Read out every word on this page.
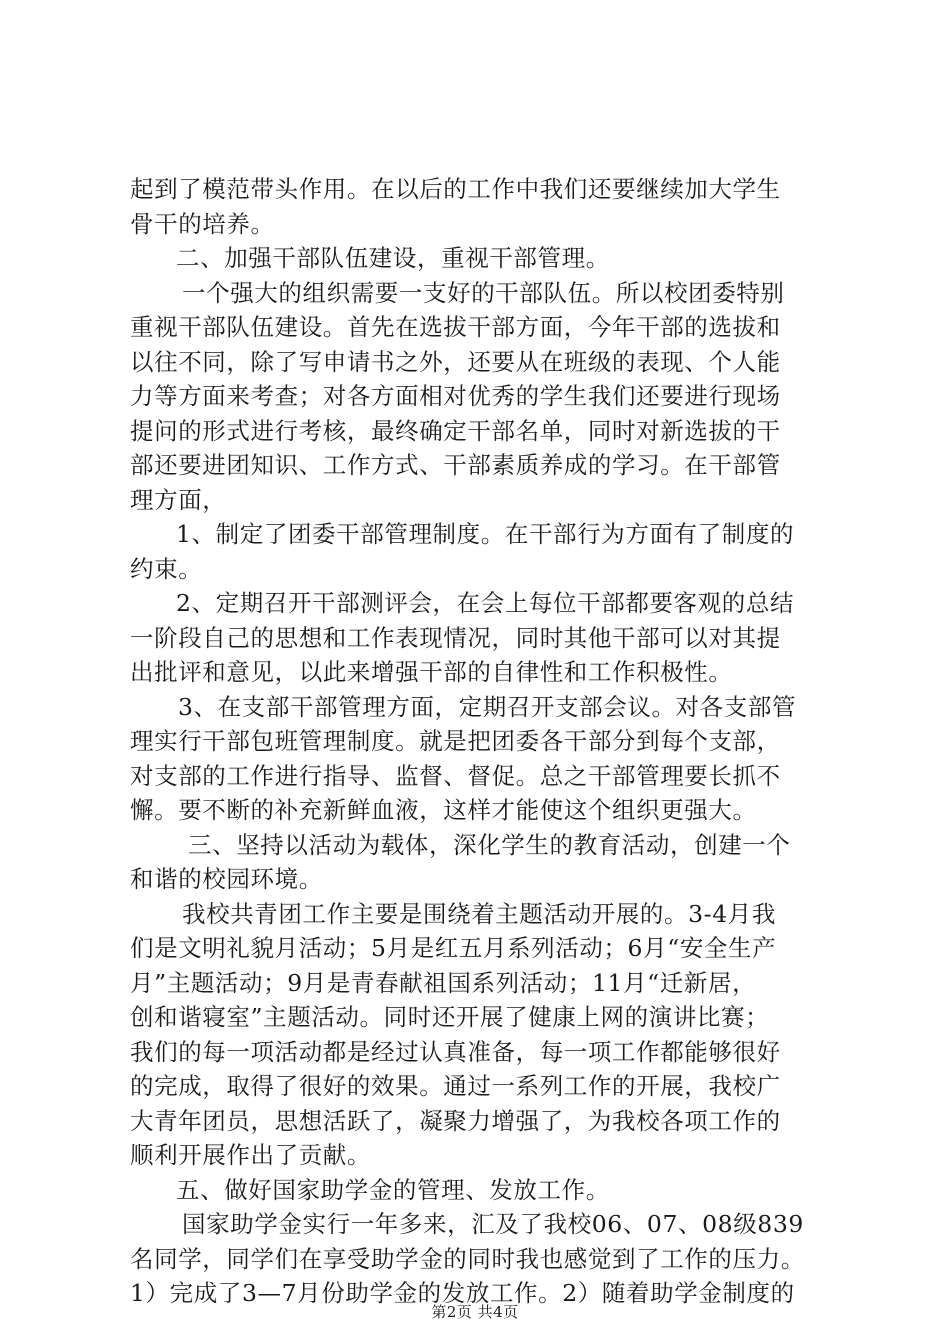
起到了模范带头作用。在以后的工作中我们还要继续加大学生
骨干的培养。
二、加强干部队伍建设，重视干部管理。
一个强大的组织需要一支好的干部队伍。所以校团委特别
重视干部队伍建设。首先在选拔干部方面，今年干部的选拔和
以往不同，除了写申请书之外，还要从在班级的表现、个人能
力等方面来考查；对各方面相对优秀的学生我们还要进行现场
提问的形式进行考核，最终确定干部名单，同时对新选拔的干
部还要进团知识、工作方式、干部素质养成的学习。在干部管
理方面，
1、制定了团委干部管理制度。在干部行为方面有了制度的
约束。
2、定期召开干部测评会，在会上每位干部都要客观的总结
一阶段自己的思想和工作表现情况，同时其他干部可以对其提
出批评和意见，以此来增强干部的自律性和工作积极性。
3、在支部干部管理方面，定期召开支部会议。对各支部管
理实行干部包班管理制度。就是把团委各干部分到每个支部，
对支部的工作进行指导、监督、督促。总之干部管理要长抓不
懈。要不断的补充新鲜血液，这样才能使这个组织更强大。
三、坚持以活动为载体，深化学生的教育活动，创建一个
和谐的校园环境。
我校共青团工作主要是围绕着主题活动开展的。3-4月我
们是文明礼貌月活动；5月是红五月系列活动；6月“安全生产
月”主题活动；9月是青春献祖国系列活动；11月“迁新居，
创和谐寝室”主题活动。同时还开展了健康上网的演讲比赛；
我们的每一项活动都是经过认真准备，每一项工作都能够很好
的完成，取得了很好的效果。通过一系列工作的开展，我校广
大青年团员，思想活跃了，凝聚力增强了，为我校各项工作的
顺利开展作出了贡献。
五、做好国家助学金的管理、发放工作。
国家助学金实行一年多来，汇及了我校06、07、08级839
名同学，同学们在享受助学金的同时我也感觉到了工作的压力。
1）完成了3—7月份助学金的发放工作。2）随着助学金制度的
第2页 共4页
